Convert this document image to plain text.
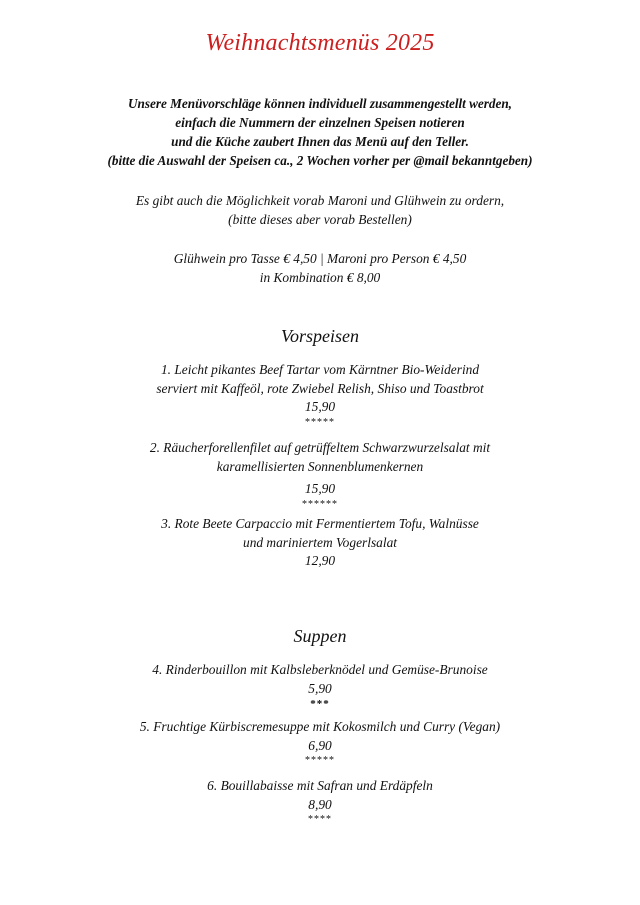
Weihnachtsmenüs 2025
Unsere Menüvorschläge können individuell zusammengestellt werden,
einfach die Nummern der einzelnen Speisen notieren
und die Küche zaubert Ihnen das Menü auf den Teller.
(bitte die Auswahl der Speisen ca., 2 Wochen vorher per @mail bekanntgeben)
Es gibt auch die Möglichkeit vorab Maroni und Glühwein zu ordern,
(bitte dieses aber vorab Bestellen)
Glühwein pro Tasse € 4,50 | Maroni pro Person € 4,50
in Kombination € 8,00
Vorspeisen
1. Leicht pikantes Beef Tartar vom Kärntner Bio-Weiderind
serviert mit Kaffeöl, rote Zwiebel Relish, Shiso und Toastbrot
15,90
*****
2. Räucherforellenfilet auf getrüffeltem Schwarzwurzelsalat mit
karamellisierten Sonnenblumenkernen
15,90
******
3. Rote Beete Carpaccio mit Fermentiertem Tofu, Walnüsse
und mariniertem Vogerlsalat
12,90
Suppen
4. Rinderbouillon mit Kalbsleberknödel und Gemüse-Brunoise
5,90
***
5. Fruchtige Kürbiscremesuppe mit Kokosmilch und Curry (Vegan)
6,90
*****
6. Bouillabaisse mit Safran und Erdäpfeln
8,90
****
